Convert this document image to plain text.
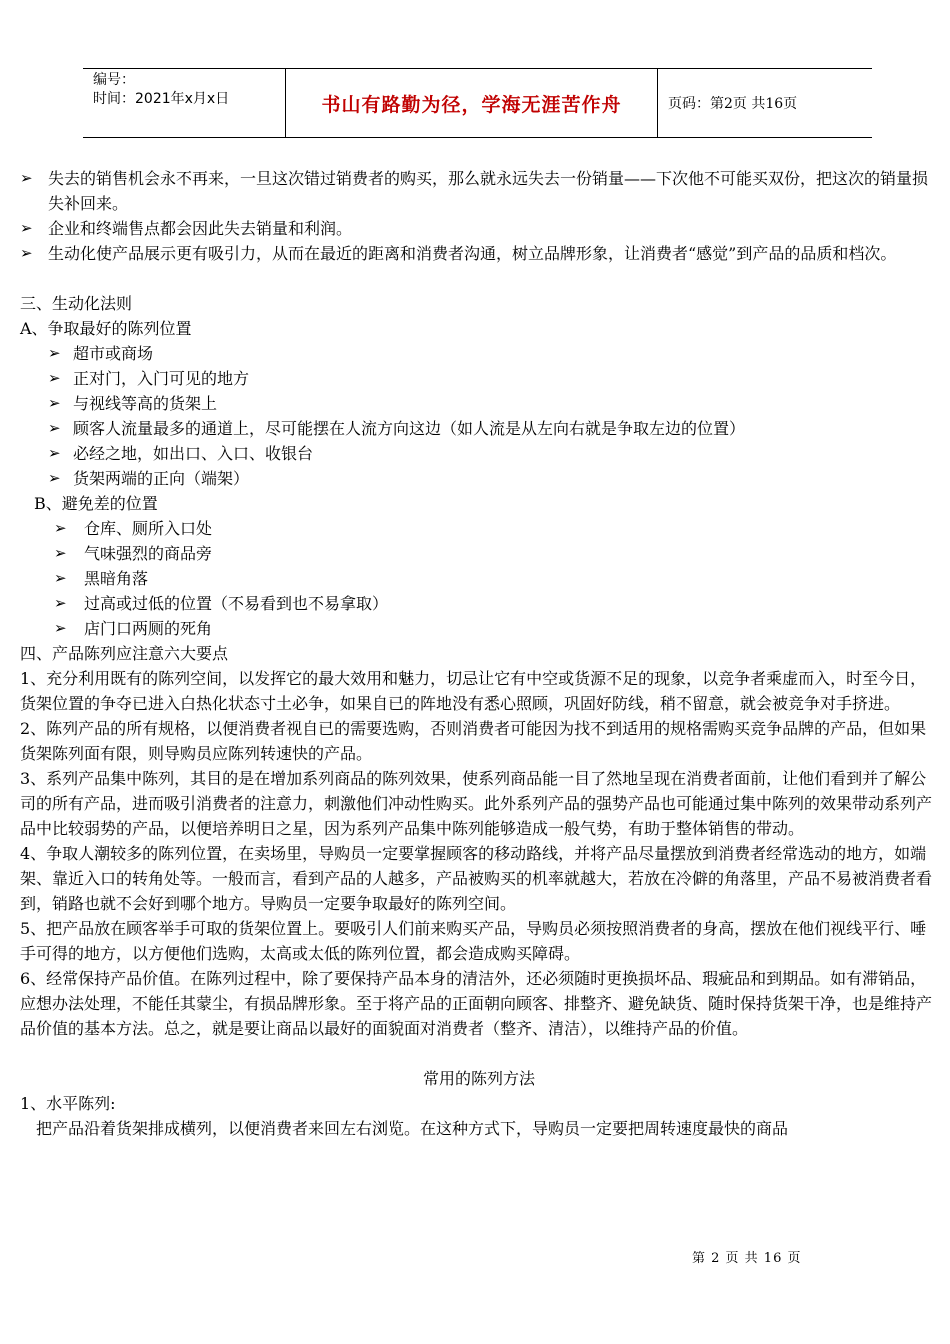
编号：
时间：2021年x月x日	书山有路勤为径，学海无涯苦作舟	页码：第2页 共16页
➢ 失去的销售机会永不再来，一旦这次错过销费者的购买，那么就永远失去一份销量——下次他不可能买双份，把这次的销量损失补回来。
➢ 企业和终端售点都会因此失去销量和利润。
➢ 生动化使产品展示更有吸引力，从而在最近的距离和消费者沟通，树立品牌形象，让消费者“感觉”到产品的品质和档次。

三、生动化法则

A、争取最好的陈列位置

➢ 超市或商场
➢ 正对门，入门可见的地方
➢ 与视线等高的货架上
➢ 顾客人流量最多的通道上，尽可能摆在人流方向这边（如人流是从左向右就是争取左边的位置）
➢ 必经之地，如出口、入口、收银台
➢ 货架两端的正向（端架）

B、避免差的位置

➢	仓库、厕所入口处
➢	气味强烈的商品旁
➢	黑暗角落
➢	过高或过低的位置（不易看到也不易拿取）
➢	店门口两厕的死角

四、产品陈列应注意六大要点

1、充分利用既有的陈列空间，以发挥它的最大效用和魅力，切忌让它有中空或货源不足的现象，以竞争者乘虚而入，时至今日，货架位置的争夺已进入白热化状态寸土必争，如果自已的阵地没有悉心照顾，巩固好防线，稍不留意，就会被竞争对手挤进。

2、陈列产品的所有规格，以便消费者视自已的需要选购，否则消费者可能因为找不到适用的规格需购买竞争品牌的产品，但如果货架陈列面有限，则导购员应陈列转速快的产品。

3、系列产品集中陈列，其目的是在增加系列商品的陈列效果，使系列商品能一目了然地呈现在消费者面前，让他们看到并了解公司的所有产品，进而吸引消费者的注意力，刺激他们冲动性购买。此外系列产品的强势产品也可能通过集中陈列的效果带动系列产品中比较弱势的产品，以便培养明日之星，因为系列产品集中陈列能够造成一般气势，有助于整体销售的带动。

4、争取人潮较多的陈列位置，在卖场里，导购员一定要掌握顾客的移动路线，并将产品尽量摆放到消费者经常选动的地方，如端架、靠近入口的转角处等。一般而言，看到产品的人越多，产品被购买的机率就越大，若放在冷僻的角落里，产品不易被消费者看到，销路也就不会好到哪个地方。导购员一定要争取最好的陈列空间。

5、把产品放在顾客举手可取的货架位置上。要吸引人们前来购买产品，导购员必须按照消费者的身高，摆放在他们视线平行、唾手可得的地方，以方便他们选购，太高或太低的陈列位置，都会造成购买障碍。

6、经常保持产品价值。在陈列过程中，除了要保持产品本身的清洁外，还必须随时更换损坏品、瑕疵品和到期品。如有滞销品，应想办法处理，不能任其蒙尘，有损品牌形象。至于将产品的正面朝向顾客、排整齐、避免缺货、随时保持货架干净，也是维持产品价值的基本方法。总之，就是要让商品以最好的面貌面对消费者（整齐、清洁），以维持产品的价值。

常用的陈列方法

1、水平陈列:

把产品沿着货架排成横列，以便消费者来回左右浏览。在这种方式下，导购员一定要把周转速度最快的商品

第 2 页 共 16 页
